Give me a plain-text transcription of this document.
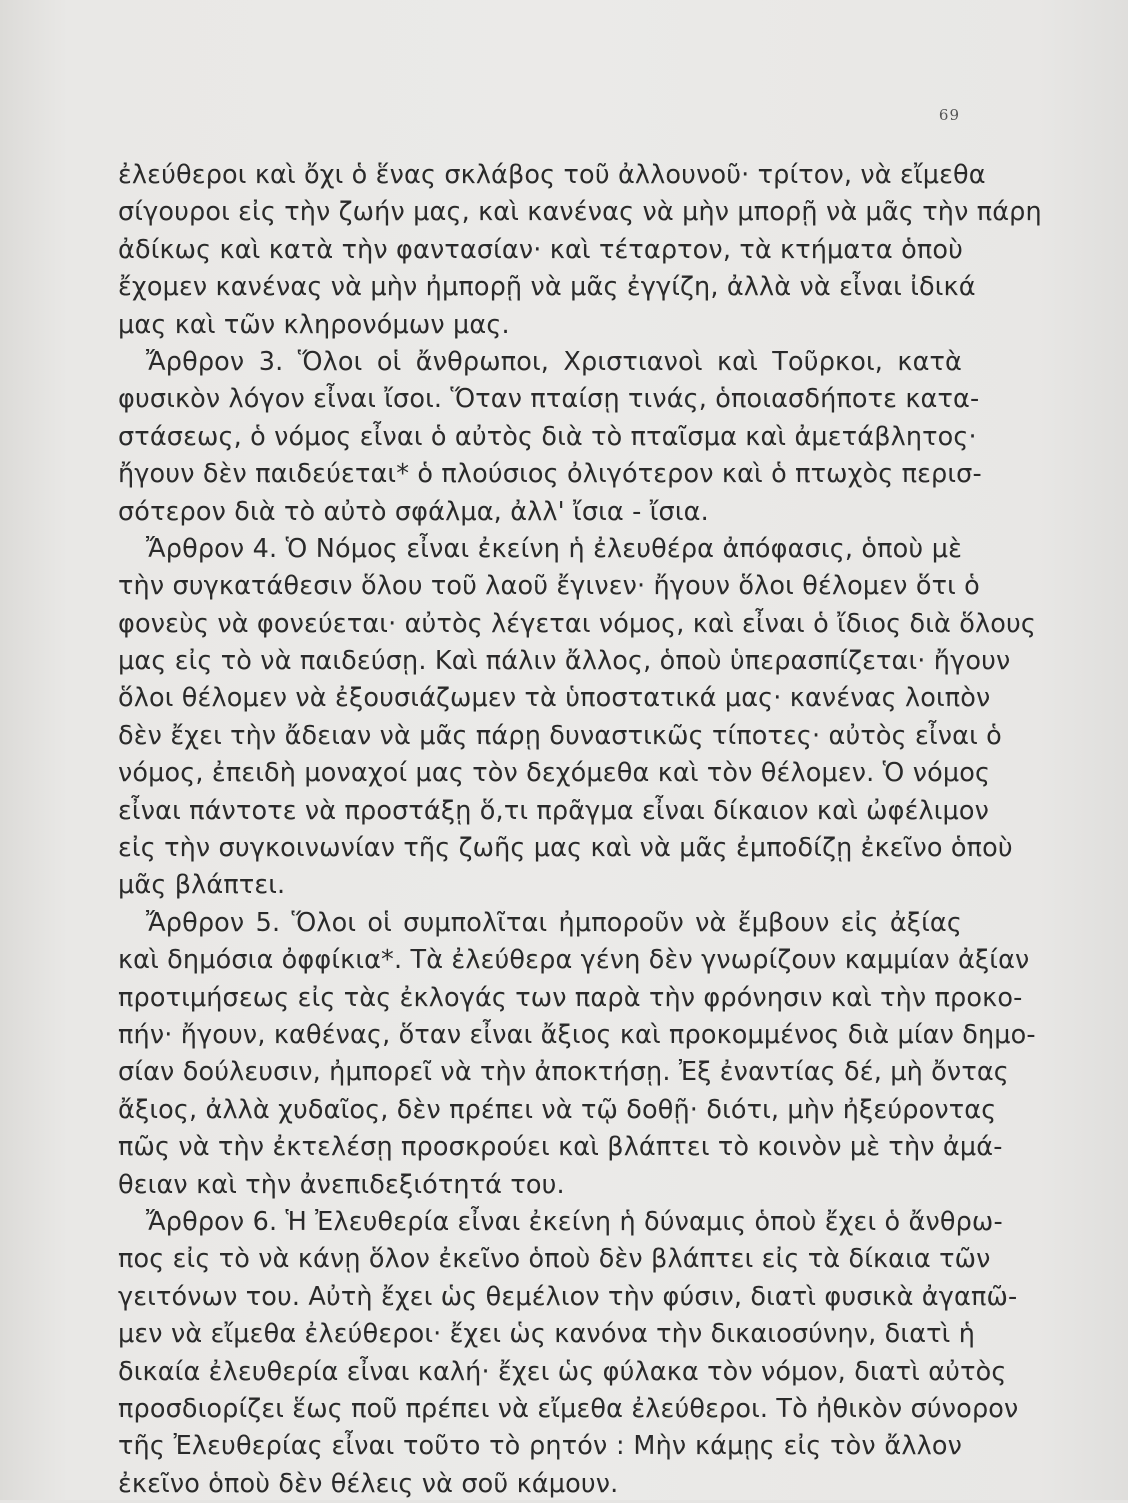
69
ἐλεύθεροι καὶ ὄχι ὁ ἕνας σκλάβος τοῦ ἀλλουνοῦ· τρίτον, νὰ εἴμεθα
σίγουροι εἰς τὴν ζωήν μας, καὶ κανένας νὰ μὴν μπορῇ νὰ μᾶς τὴν πάρη
ἀδίκως καὶ κατὰ τὴν φαντασίαν· καὶ τέταρτον, τὰ κτήματα ὁποὺ
ἔχομεν κανένας νὰ μὴν ἠμπορῇ νὰ μᾶς ἐγγίζη, ἀλλὰ νὰ εἶναι ἰδικά
μας καὶ τῶν κληρονόμων μας.
Ἄρθρον 3. Ὅλοι οἱ ἄνθρωποι, Χριστιανοὶ καὶ Τοῦρκοι, κατὰ
φυσικὸν λόγον εἶναι ἴσοι. Ὅταν πταίσῃ τινάς, ὁποιασδήποτε κατα-
στάσεως, ὁ νόμος εἶναι ὁ αὐτὸς διὰ τὸ πταῖσμα καὶ ἀμετάβλητος·
ἤγουν δὲν παιδεύεται* ὁ πλούσιος ὀλιγότερον καὶ ὁ πτωχὸς περισ-
σότερον διὰ τὸ αὐτὸ σφάλμα, ἀλλ' ἴσια - ἴσια.
Ἄρθρον 4. Ὁ Νόμος εἶναι ἐκείνη ἡ ἐλευθέρα ἀπόφασις, ὁποὺ μὲ
τὴν συγκατάθεσιν ὅλου τοῦ λαοῦ ἔγινεν· ἤγουν ὅλοι θέλομεν ὅτι ὁ
φονεὺς νὰ φονεύεται· αὐτὸς λέγεται νόμος, καὶ εἶναι ὁ ἴδιος διὰ ὅλους
μας εἰς τὸ νὰ παιδεύσῃ. Καὶ πάλιν ἄλλος, ὁποὺ ὑπερασπίζεται· ἤγουν
ὅλοι θέλομεν νὰ ἐξουσιάζωμεν τὰ ὑποστατικά μας· κανένας λοιπὸν
δὲν ἔχει τὴν ἄδειαν νὰ μᾶς πάρῃ δυναστικῶς τίποτες· αὐτὸς εἶναι ὁ
νόμος, ἐπειδὴ μοναχοί μας τὸν δεχόμεθα καὶ τὸν θέλομεν. Ὁ νόμος
εἶναι πάντοτε νὰ προστάξῃ ὅ,τι πρᾶγμα εἶναι δίκαιον καὶ ὠφέλιμον
εἰς τὴν συγκοινωνίαν τῆς ζωῆς μας καὶ νὰ μᾶς ἐμποδίζῃ ἐκεῖνο ὁποὺ
μᾶς βλάπτει.
Ἄρθρον 5. Ὅλοι οἱ συμπολῖται ἠμποροῦν νὰ ἔμβουν εἰς ἀξίας
καὶ δημόσια ὀφφίκια*. Τὰ ἐλεύθερα γένη δὲν γνωρίζουν καμμίαν ἀξίαν
προτιμήσεως εἰς τὰς ἐκλογάς των παρὰ τὴν φρόνησιν καὶ τὴν προκο-
πήν· ἤγουν, καθένας, ὅταν εἶναι ἄξιος καὶ προκομμένος διὰ μίαν δημο-
σίαν δούλευσιν, ἠμπορεῖ νὰ τὴν ἀποκτήσῃ. Ἐξ ἐναντίας δέ, μὴ ὄντας
ἄξιος, ἀλλὰ χυδαῖος, δὲν πρέπει νὰ τῷ δοθῇ· διότι, μὴν ἠξεύροντας
πῶς νὰ τὴν ἐκτελέσῃ προσκρούει καὶ βλάπτει τὸ κοινὸν μὲ τὴν ἀμά-
θειαν καὶ τὴν ἀνεπιδεξιότητά του.
Ἄρθρον 6. Ἡ Ἐλευθερία εἶναι ἐκείνη ἡ δύναμις ὁποὺ ἔχει ὁ ἄνθρω-
πος εἰς τὸ νὰ κάνῃ ὅλον ἐκεῖνο ὁποὺ δὲν βλάπτει εἰς τὰ δίκαια τῶν
γειτόνων του. Αὐτὴ ἔχει ὡς θεμέλιον τὴν φύσιν, διατὶ φυσικὰ ἀγαπῶ-
μεν νὰ εἴμεθα ἐλεύθεροι· ἔχει ὡς κανόνα τὴν δικαιοσύνην, διατὶ ἡ
δικαία ἐλευθερία εἶναι καλή· ἔχει ὡς φύλακα τὸν νόμον, διατὶ αὐτὸς
προσδιορίζει ἕως ποῦ πρέπει νὰ εἴμεθα ἐλεύθεροι. Τὸ ἠθικὸν σύνορον
τῆς Ἐλευθερίας εἶναι τοῦτο τὸ ρητόν : Μὴν κάμῃς εἰς τὸν ἄλλον
ἐκεῖνο ὁποὺ δὲν θέλεις νὰ σοῦ κάμουν.
